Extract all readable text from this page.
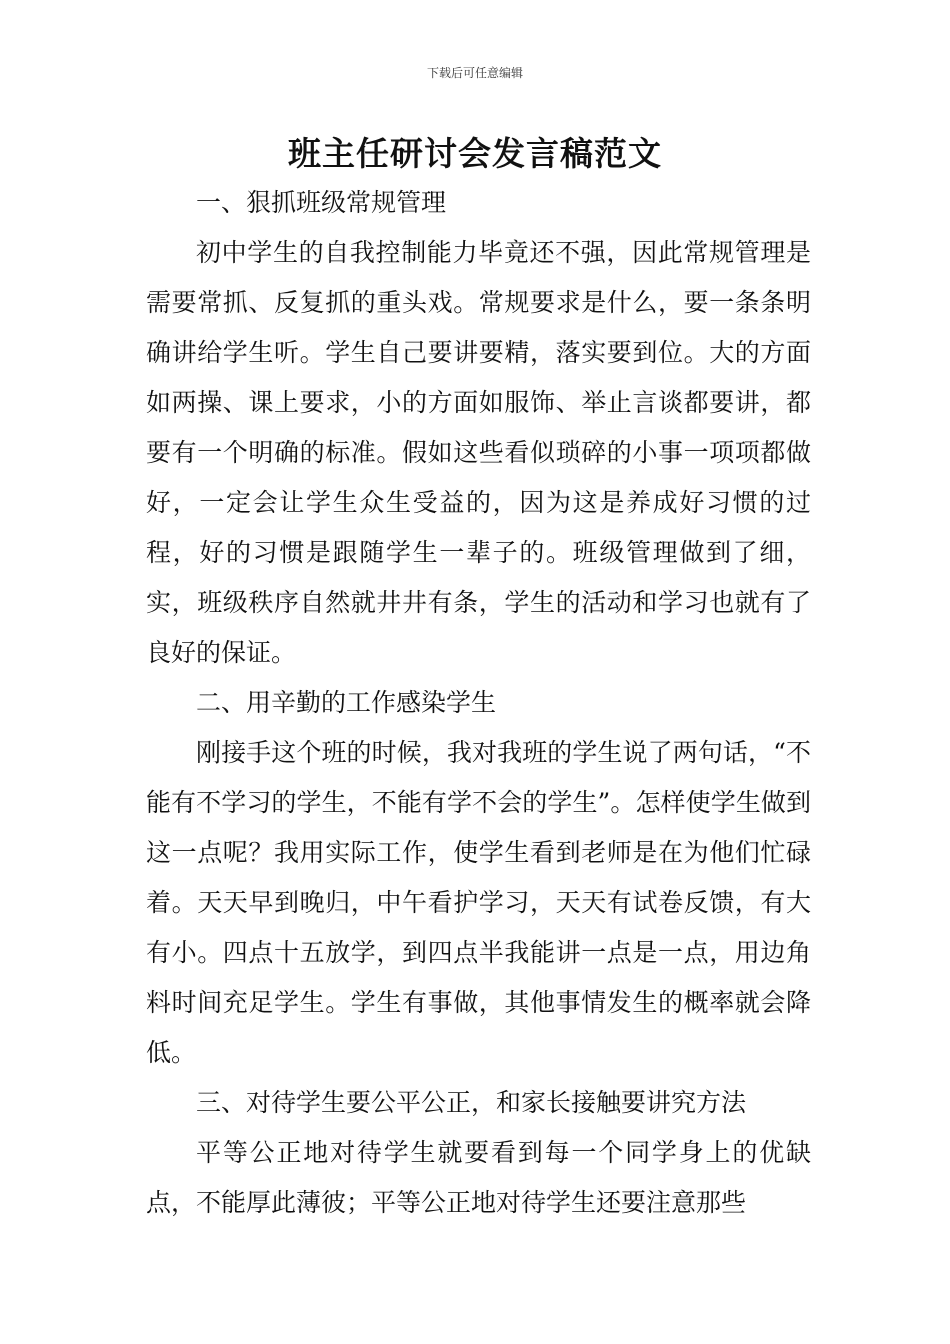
下载后可任意编辑
班主任研讨会发言稿范文

一、狠抓班级常规管理

初中学生的自我控制能力毕竟还不强，因此常规管理是需要常抓、反复抓的重头戏。常规要求是什么，要一条条明确讲给学生听。学生自己要讲要精，落实要到位。大的方面如两操、课上要求，小的方面如服饰、举止言谈都要讲，都要有一个明确的标准。假如这些看似琐碎的小事一项项都做好，一定会让学生众生受益的，因为这是养成好习惯的过程，好的习惯是跟随学生一辈子的。班级管理做到了细，实，班级秩序自然就井井有条，学生的活动和学习也就有了良好的保证。

二、用辛勤的工作感染学生

刚接手这个班的时候，我对我班的学生说了两句话，“不能有不学习的学生，不能有学不会的学生”。怎样使学生做到这一点呢？我用实际工作，使学生看到老师是在为他们忙碌着。天天早到晚归，中午看护学习，天天有试卷反馈，有大有小。四点十五放学，到四点半我能讲一点是一点，用边角料时间充足学生。学生有事做，其他事情发生的概率就会降低。

三、对待学生要公平公正，和家长接触要讲究方法

平等公正地对待学生就要看到每一个同学身上的优缺点，不能厚此薄彼；平等公正地对待学生还要注意那些
